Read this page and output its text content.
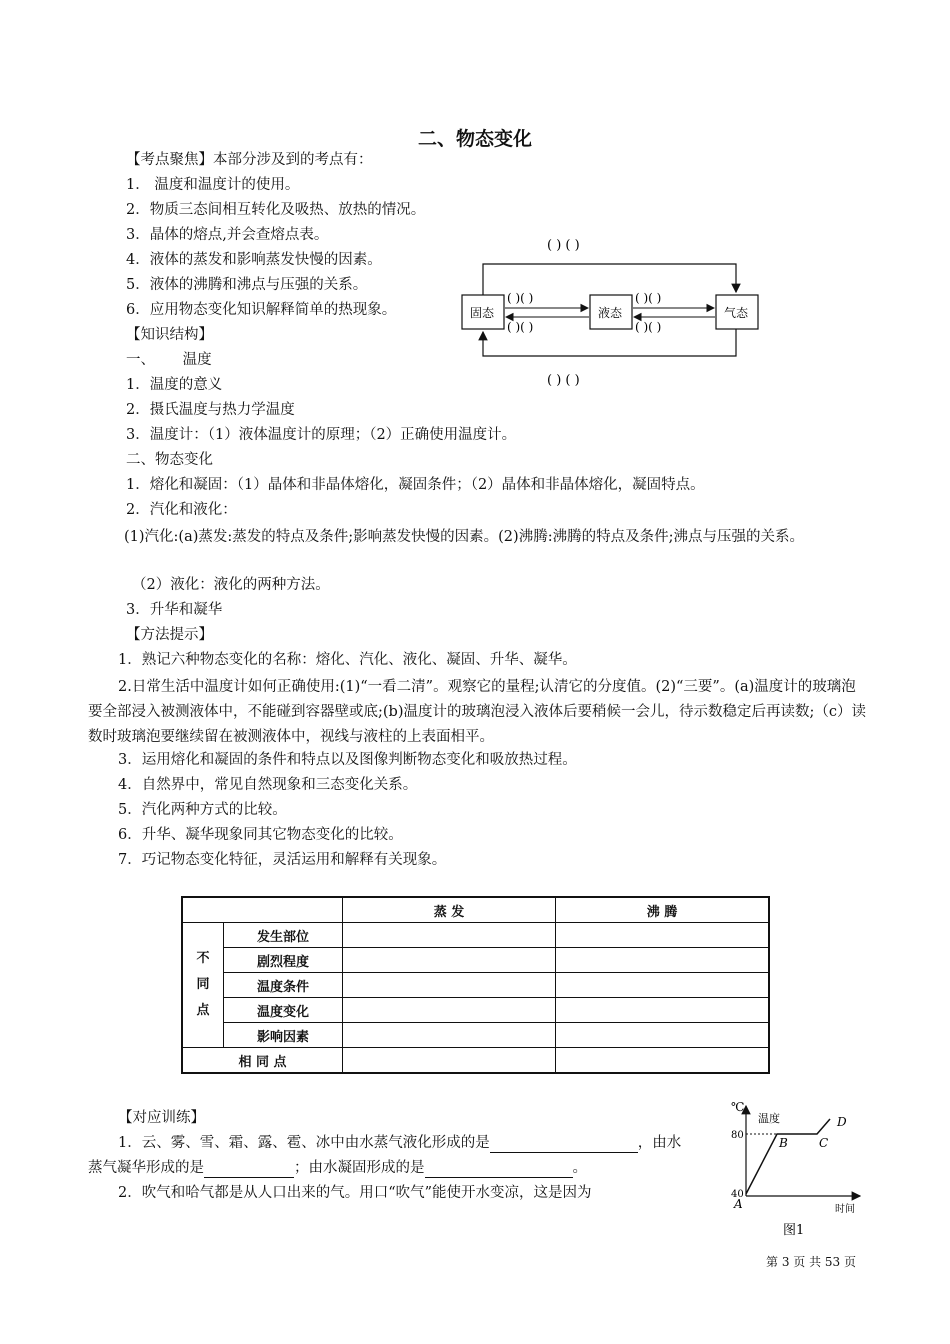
二、物态变化
【考点聚焦】本部分涉及到的考点有：
1． 温度和温度计的使用。
2．物质三态间相互转化及吸热、放热的情况。
3．晶体的熔点,并会查熔点表。
4．液体的蒸发和影响蒸发快慢的因素。
5．液体的沸腾和沸点与压强的关系。
6．应用物态变化知识解释简单的热现象。
( ) ( )
( ) ( )
固态	液态	气态
( )( )
( )( )
( )( )
( )( )
【知识结构】
一、      温度
1．温度的意义
2．摄氏温度与热力学温度
3．温度计：（1）液体温度计的原理；（2）正确使用温度计。
二、物态变化
1．熔化和凝固：（1）晶体和非晶体熔化，凝固条件；（2）晶体和非晶体熔化，凝固特点。
2．汽化和液化：
(1)汽化:(a)蒸发:蒸发的特点及条件;影响蒸发快慢的因素。(2)沸腾:沸腾的特点及条件;沸点与压强的关系。
（2）液化：液化的两种方法。
3．升华和凝华
【方法提示】
1．熟记六种物态变化的名称：熔化、汽化、液化、凝固、升华、凝华。
2.日常生活中温度计如何正确使用:(1)“一看二清”。观察它的量程;认清它的分度值。(2)“三要”。(a)温度计的玻璃泡要全部浸入被测液体中，不能碰到容器壁或底;(b)温度计的玻璃泡浸入液体后要稍候一会儿，待示数稳定后再读数;（c）读数时玻璃泡要继续留在被测液体中，视线与液柱的上表面相平。
3．运用熔化和凝固的条件和特点以及图像判断物态变化和吸放热过程。
4．自然界中，常见自然现象和三态变化关系。
5．汽化两种方式的比较。
6．升华、凝华现象同其它物态变化的比较。
7．巧记物态变化特征，灵活运用和解释有关现象。
		蒸 发	沸 腾

不
同
点	发生部位		
	剧烈程度		
	温度条件		
	温度变化		
	影响因素		
相 同 点			
【对应训练】
1．云、雾、雪、霜、露、雹、冰中由水蒸气液化形成的是	，由水
蒸气凝华形成的是	；由水凝固形成的是	。
2．吹气和哈气都是从人口出来的气。用口“吹气”能使开水变凉，这是因为
℃
温度
80
40
A
B	C
D
时间
图1
第 3 页 共 53 页
